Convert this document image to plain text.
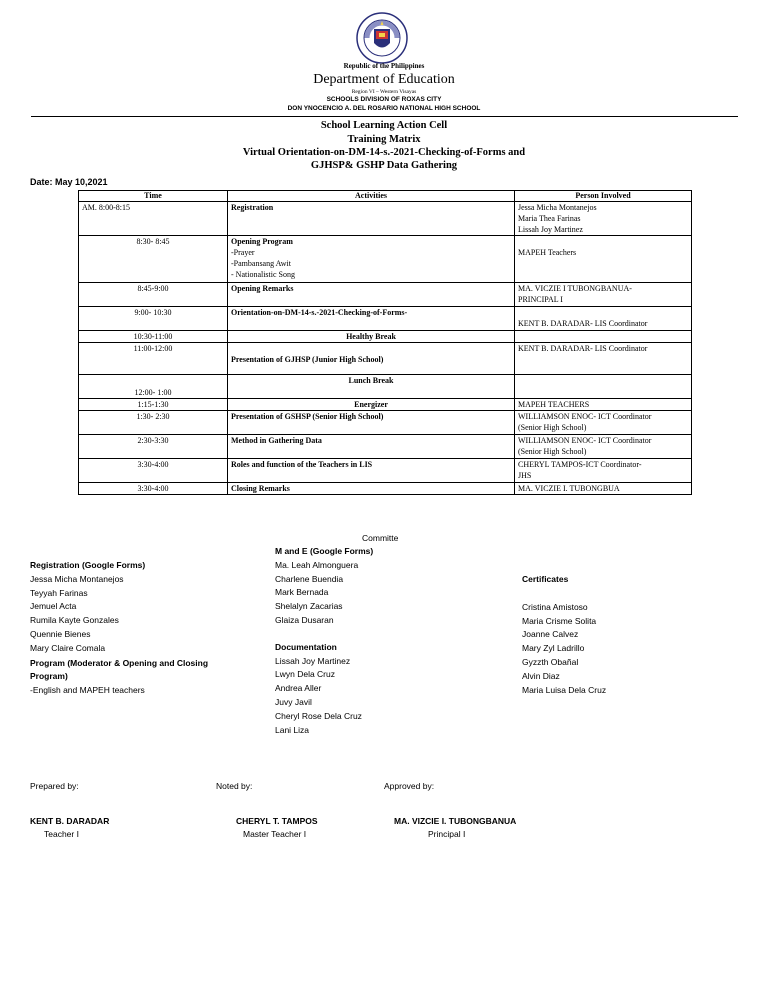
Republic of the Philippines
Department of Education
Region VI – Western Visayas
SCHOOLS DIVISION OF ROXAS CITY
DON YNOCENCIO A. DEL ROSARIO NATIONAL HIGH SCHOOL
School Learning Action Cell
Training Matrix
Virtual Orientation-on-DM-14-s.-2021-Checking-of-Forms and
GJHSP& GSHP Data Gathering
Date: May 10,2021
Time	Activities	Person Involved
AM. 8:00-8:15	Registration	Jessa Micha Montanejos
Maria Thea Farinas
Lissah Joy Martinez

8:30- 8:45	Opening Program
-Prayer
-Pambansang Awit
- Nationalistic Song	MAPEH Teachers

8:45-9:00	Opening Remarks	MA. VICZIE I TUBONGBANUA-
PRINCIPAL I

9:00- 10:30	Orientation-on-DM-14-s.-2021-Checking-of-Forms-	KENT B. DARADAR- LIS Coordinator

10:30-11:00	Healthy Break	

11:00-12:00	Presentation of GJHSP (Junior High School)	KENT B. DARADAR- LIS Coordinator

12:00- 1:00	Lunch Break	

1:15-1:30	Energizer	MAPEH TEACHERS

1:30- 2:30	Presentation of GSHSP (Senior High School)	WILLIAMSON ENOC- ICT Coordinator
(Senior High School)

2:30-3:30	Method in Gathering Data	WILLIAMSON ENOC- ICT Coordinator
(Senior High School)

3:30-4:00	Roles and function of the Teachers in LIS	CHERYL TAMPOS-ICT Coordinator-
JHS

3:30-4:00	Closing Remarks	MA. VICZIE I. TUBONGBUA
Committe
Registration (Google Forms)
Jessa Micha Montanejos
Teyyah Farinas
Jemuel Acta
Rumila Kayte Gonzales
Quennie Bienes
Mary Claire Comala
Program (Moderator & Opening and Closing
Program)
-English and MAPEH teachers
M and E (Google Forms)
Ma. Leah Almonguera
Charlene Buendia
Mark Bernada
Shelalyn Zacarias
Glaiza Dusaran
Documentation
Lissah Joy Martinez
Lwyn Dela Cruz
Andrea Aller
Juvy Javil
Cheryl Rose Dela Cruz
Lani Liza
Certificates
Cristina Amistoso
Maria Crisme Solita
Joanne Calvez
Mary Zyl Ladrillo
Gyzzth Obañal
Alvin Diaz
Maria Luisa Dela Cruz
Prepared by:	Noted by:	Approved by:
KENT B. DARADAR	CHERYL T. TAMPOS	MA. VIZCIE I. TUBONGBANUA
Teacher I	Master Teacher I	Principal I
